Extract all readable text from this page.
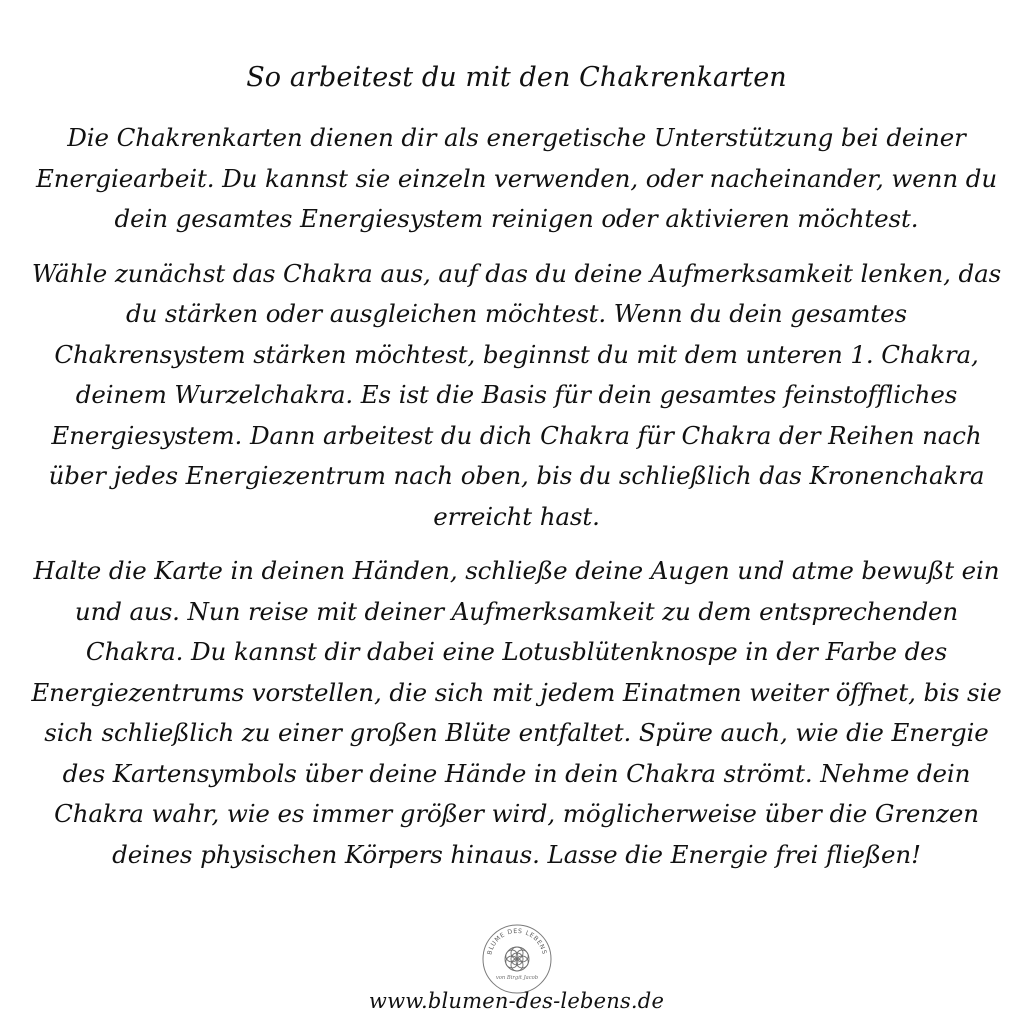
So arbeitest du mit den Chakrenkarten

Die Chakrenkarten dienen dir als energetische Unterstützung bei deiner Energiearbeit. Du kannst sie einzeln verwenden, oder nacheinander, wenn du dein gesamtes Energiesystem reinigen oder aktivieren möchtest.

Wähle zunächst das Chakra aus, auf das du deine Aufmerksamkeit lenken, das du stärken oder ausgleichen möchtest. Wenn du dein gesamtes Chakrensystem stärken möchtest, beginnst du mit dem unteren 1. Chakra, deinem Wurzelchakra. Es ist die Basis für dein gesamtes feinstoffliches Energiesystem. Dann arbeitest du dich Chakra für Chakra der Reihen nach über jedes Energiezentrum nach oben, bis du schließlich das Kronenchakra erreicht hast.

Halte die Karte in deinen Händen, schließe deine Augen und atme bewußt ein und aus. Nun reise mit deiner Aufmerksamkeit zu dem entsprechenden Chakra. Du kannst dir dabei eine Lotusblütenknospe in der Farbe des Energiezentrums vorstellen, die sich mit jedem Einatmen weiter öffnet, bis sie sich schließlich zu einer großen Blüte entfaltet. Spüre auch, wie die Energie des Kartensymbols über deine Hände in dein Chakra strömt. Nehme dein Chakra wahr, wie es immer größer wird, möglicherweise über die Grenzen deines physischen Körpers hinaus. Lasse die Energie frei fließen!

BLUME DES LEBENS
von Birgit Jacob
www.blumen-des-lebens.de
